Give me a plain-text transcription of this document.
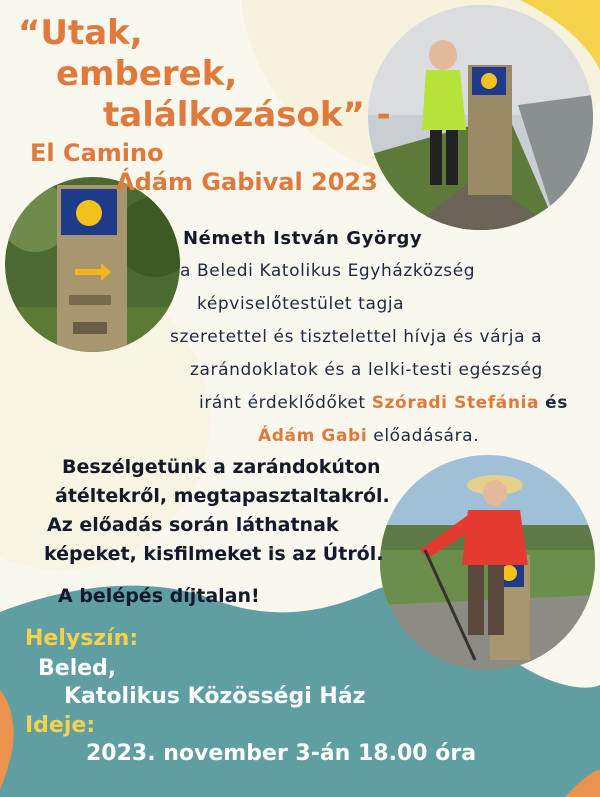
“Utak,
emberek,
találkozások” -
El Camino
Ádám Gabival 2023
Németh István György
a Beledi Katolikus Egyházközség
képviselőtestület tagja
szeretettel és tisztelettel hívja és várja a
zarándoklatok és a lelki-testi egészség
iránt érdeklődőket Szóradi Stefánia és
Ádám Gabi előadására.
Beszélgetünk a zarándokúton
átéltekről, megtapasztaltakról.
Az előadás során láthatnak
képeket, kisfilmeket is az Útról.
A belépés díjtalan!
Helyszín:
Beled,
Katolikus Közösségi Ház
Ideje:
2023. november 3-án 18.00 óra
